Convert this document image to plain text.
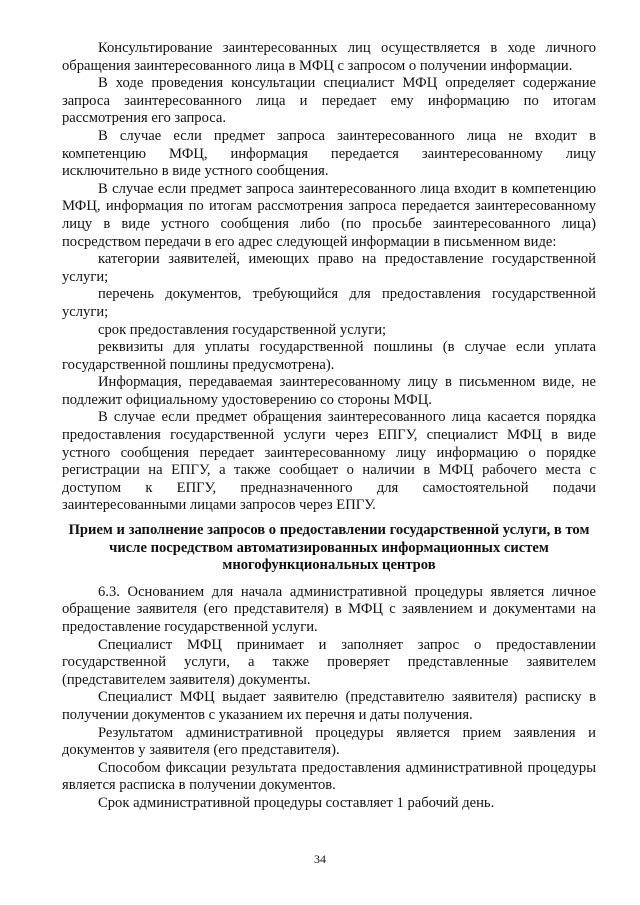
Консультирование заинтересованных лиц осуществляется в ходе личного обращения заинтересованного лица в МФЦ с запросом о получении информации.

В ходе проведения консультации специалист МФЦ определяет содержание запроса заинтересованного лица и передает ему информацию по итогам рассмотрения его запроса.

В случае если предмет запроса заинтересованного лица не входит в компетенцию МФЦ, информация передается заинтересованному лицу исключительно в виде устного сообщения.

В случае если предмет запроса заинтересованного лица входит в компетенцию МФЦ, информация по итогам рассмотрения запроса передается заинтересованному лицу в виде устного сообщения либо (по просьбе заинтересованного лица) посредством передачи в его адрес следующей информации в письменном виде:

категории заявителей, имеющих право на предоставление государственной услуги;

перечень документов, требующийся для предоставления государственной услуги;

срок предоставления государственной услуги;

реквизиты для уплаты государственной пошлины (в случае если уплата государственной пошлины предусмотрена).

Информация, передаваемая заинтересованному лицу в письменном виде, не подлежит официальному удостоверению со стороны МФЦ.

В случае если предмет обращения заинтересованного лица касается порядка предоставления государственной услуги через ЕПГУ, специалист МФЦ в виде устного сообщения передает заинтересованному лицу информацию о порядке регистрации на ЕПГУ, а также сообщает о наличии в МФЦ рабочего места с доступом к ЕПГУ, предназначенного для самостоятельной подачи заинтересованными лицами запросов через ЕПГУ.

Прием и заполнение запросов о предоставлении государственной услуги, в том числе посредством автоматизированных информационных систем многофункциональных центров

6.3. Основанием для начала административной процедуры является личное обращение заявителя (его представителя) в МФЦ с заявлением и документами на предоставление государственной услуги.

Специалист МФЦ принимает и заполняет запрос о предоставлении государственной услуги, а также проверяет представленные заявителем (представителем заявителя) документы.

Специалист МФЦ выдает заявителю (представителю заявителя) расписку в получении документов с указанием их перечня и даты получения.

Результатом административной процедуры является прием заявления и документов у заявителя (его представителя).

Способом фиксации результата предоставления административной процедуры является расписка в получении документов.

Срок административной процедуры составляет 1 рабочий день.

34
